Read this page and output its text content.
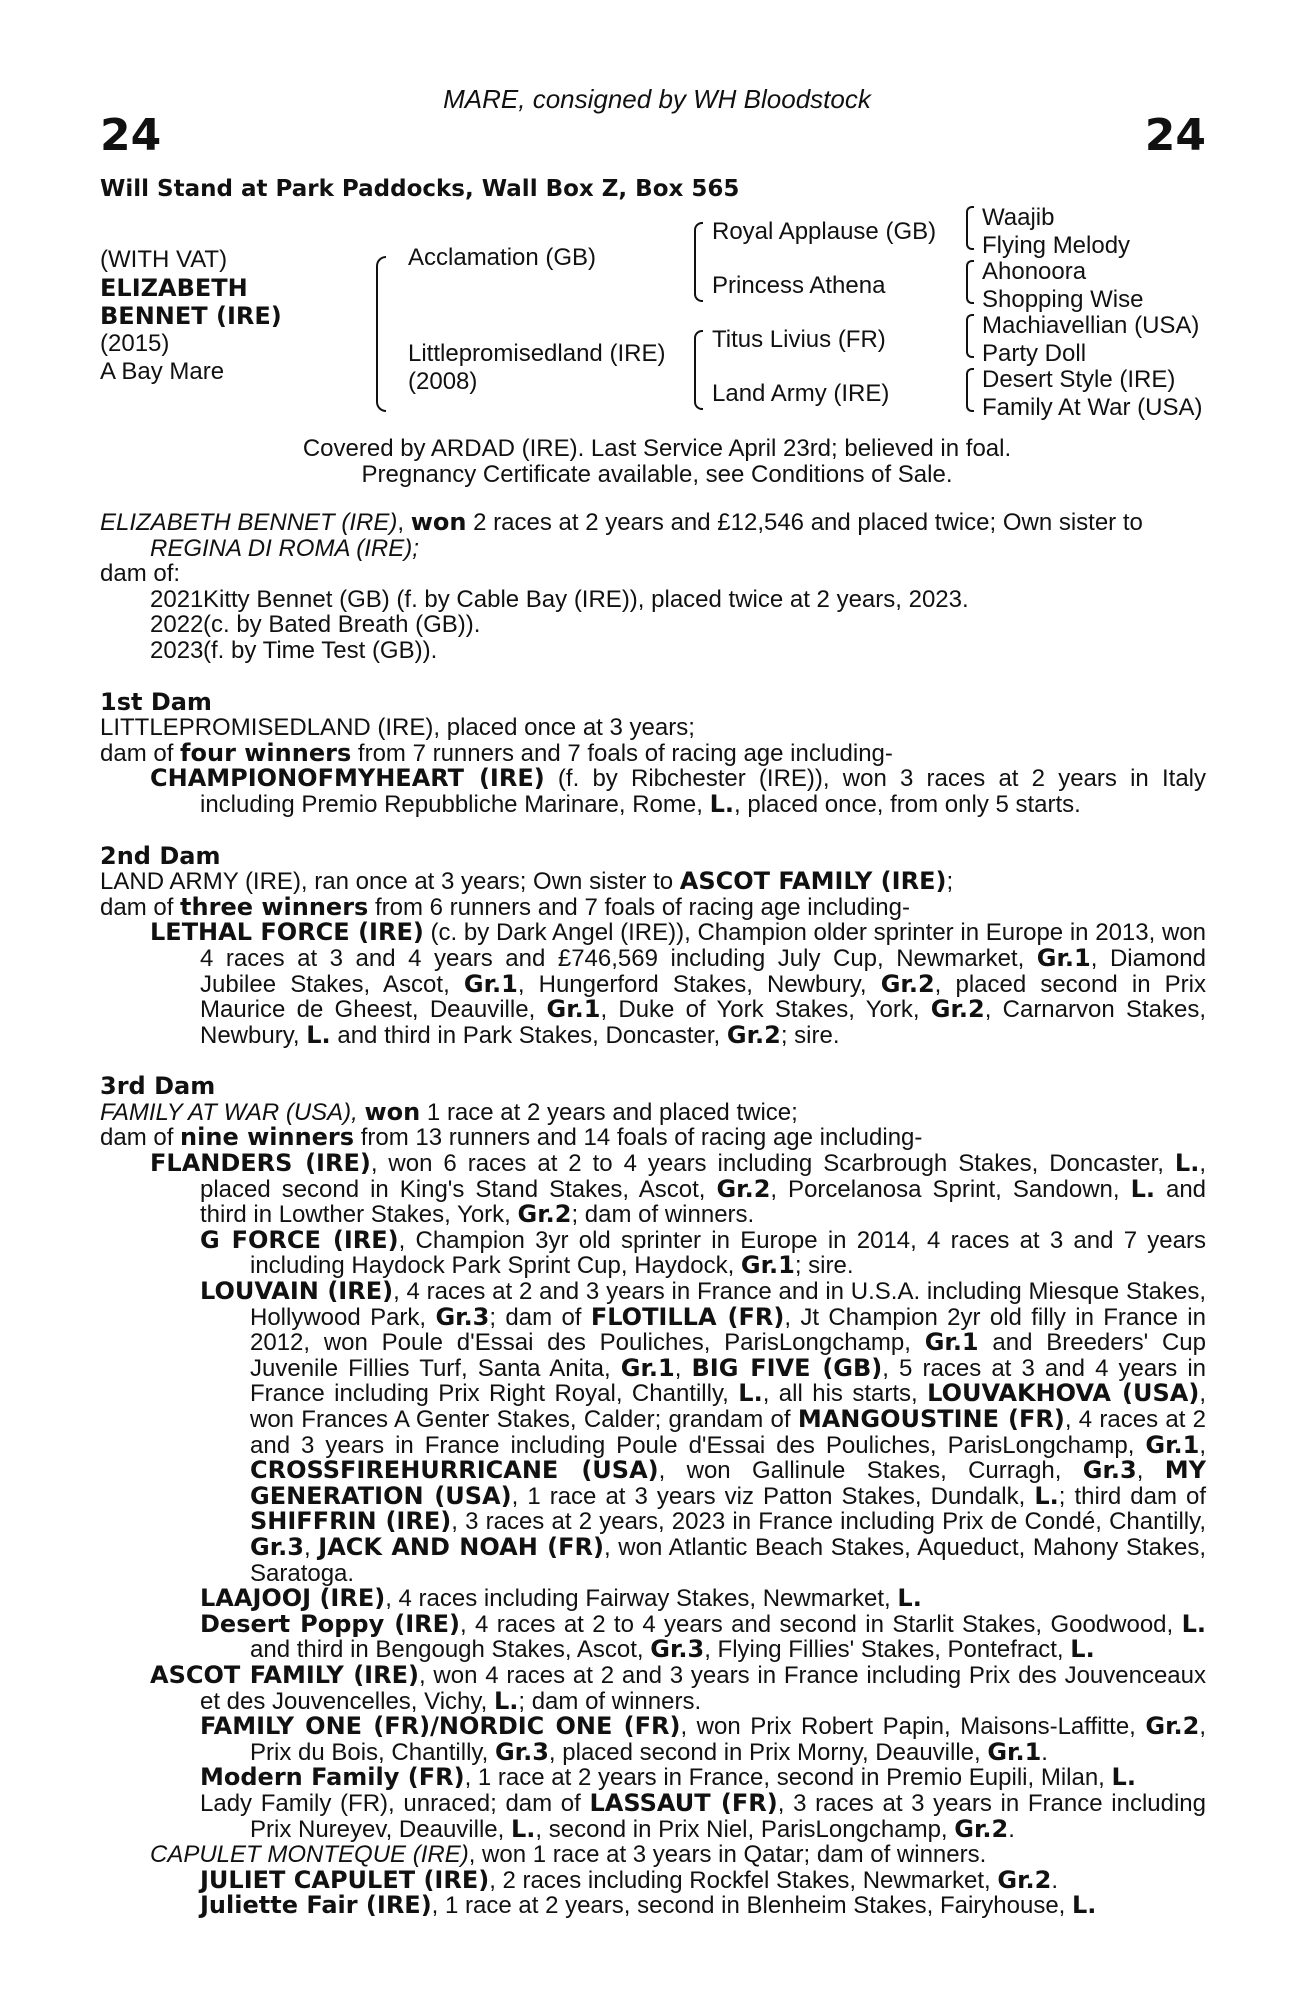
MARE, consigned by WH Bloodstock
24	24
Will Stand at Park Paddocks, Wall Box Z, Box 565
(WITH VAT)
ELIZABETH
BENNET (IRE)
(2015)
A Bay Mare
Acclamation (GB)
Littlepromisedland (IRE)
(2008)
Royal Applause (GB)
Princess Athena
Titus Livius (FR)
Land Army (IRE)
Waajib
Flying Melody
Ahonoora
Shopping Wise
Machiavellian (USA)
Party Doll
Desert Style (IRE)
Family At War (USA)
Covered by ARDAD (IRE). Last Service April 23rd; believed in foal.
Pregnancy Certificate available, see Conditions of Sale.

ELIZABETH BENNET (IRE), won 2 races at 2 years and £12,546 and placed twice; Own sister to

REGINA DI ROMA (IRE);

dam of:

2021Kitty Bennet (GB) (f. by Cable Bay (IRE)), placed twice at 2 years, 2023.

2022(c. by Bated Breath (GB)).

2023(f. by Time Test (GB)).

1st Dam

LITTLEPROMISEDLAND (IRE), placed once at 3 years;

dam of four winners from 7 runners and 7 foals of racing age including-

CHAMPIONOFMYHEART (IRE) (f. by Ribchester (IRE)), won 3 races at 2 years in Italy including Premio Repubbliche Marinare, Rome, L., placed once, from only 5 starts.

2nd Dam

LAND ARMY (IRE), ran once at 3 years; Own sister to ASCOT FAMILY (IRE);

dam of three winners from 6 runners and 7 foals of racing age including-

LETHAL FORCE (IRE) (c. by Dark Angel (IRE)), Champion older sprinter in Europe in 2013, won 4 races at 3 and 4 years and £746,569 including July Cup, Newmarket, Gr.1, Diamond Jubilee Stakes, Ascot, Gr.1, Hungerford Stakes, Newbury, Gr.2, placed second in Prix Maurice de Gheest, Deauville, Gr.1, Duke of York Stakes, York, Gr.2, Carnarvon Stakes, Newbury, L. and third in Park Stakes, Doncaster, Gr.2; sire.

3rd Dam

FAMILY AT WAR (USA), won 1 race at 2 years and placed twice;

dam of nine winners from 13 runners and 14 foals of racing age including-

FLANDERS (IRE), won 6 races at 2 to 4 years including Scarbrough Stakes, Doncaster, L., placed second in King's Stand Stakes, Ascot, Gr.2, Porcelanosa Sprint, Sandown, L. and third in Lowther Stakes, York, Gr.2; dam of winners.

G FORCE (IRE), Champion 3yr old sprinter in Europe in 2014, 4 races at 3 and 7 years including Haydock Park Sprint Cup, Haydock, Gr.1; sire.

LOUVAIN (IRE), 4 races at 2 and 3 years in France and in U.S.A. including Miesque Stakes, Hollywood Park, Gr.3; dam of FLOTILLA (FR), Jt Champion 2yr old filly in France in 2012, won Poule d'Essai des Pouliches, ParisLongchamp, Gr.1 and Breeders' Cup Juvenile Fillies Turf, Santa Anita, Gr.1, BIG FIVE (GB), 5 races at 3 and 4 years in France including Prix Right Royal, Chantilly, L., all his starts, LOUVAKHOVA (USA), won Frances A Genter Stakes, Calder; grandam of MANGOUSTINE (FR), 4 races at 2 and 3 years in France including Poule d'Essai des Pouliches, ParisLongchamp, Gr.1, CROSSFIREHURRICANE (USA), won Gallinule Stakes, Curragh, Gr.3, MY GENERATION (USA), 1 race at 3 years viz Patton Stakes, Dundalk, L.; third dam of SHIFFRIN (IRE), 3 races at 2 years, 2023 in France including Prix de Condé, Chantilly, Gr.3, JACK AND NOAH (FR), won Atlantic Beach Stakes, Aqueduct, Mahony Stakes, Saratoga.

LAAJOOJ (IRE), 4 races including Fairway Stakes, Newmarket, L.

Desert Poppy (IRE), 4 races at 2 to 4 years and second in Starlit Stakes, Goodwood, L. and third in Bengough Stakes, Ascot, Gr.3, Flying Fillies' Stakes, Pontefract, L.

ASCOT FAMILY (IRE), won 4 races at 2 and 3 years in France including Prix des Jouvenceaux et des Jouvencelles, Vichy, L.; dam of winners.

FAMILY ONE (FR)/NORDIC ONE (FR), won Prix Robert Papin, Maisons-Laffitte, Gr.2, Prix du Bois, Chantilly, Gr.3, placed second in Prix Morny, Deauville, Gr.1.

Modern Family (FR), 1 race at 2 years in France, second in Premio Eupili, Milan, L.

Lady Family (FR), unraced; dam of LASSAUT (FR), 3 races at 3 years in France including Prix Nureyev, Deauville, L., second in Prix Niel, ParisLongchamp, Gr.2.

CAPULET MONTEQUE (IRE), won 1 race at 3 years in Qatar; dam of winners.

JULIET CAPULET (IRE), 2 races including Rockfel Stakes, Newmarket, Gr.2.

Juliette Fair (IRE), 1 race at 2 years, second in Blenheim Stakes, Fairyhouse, L.
